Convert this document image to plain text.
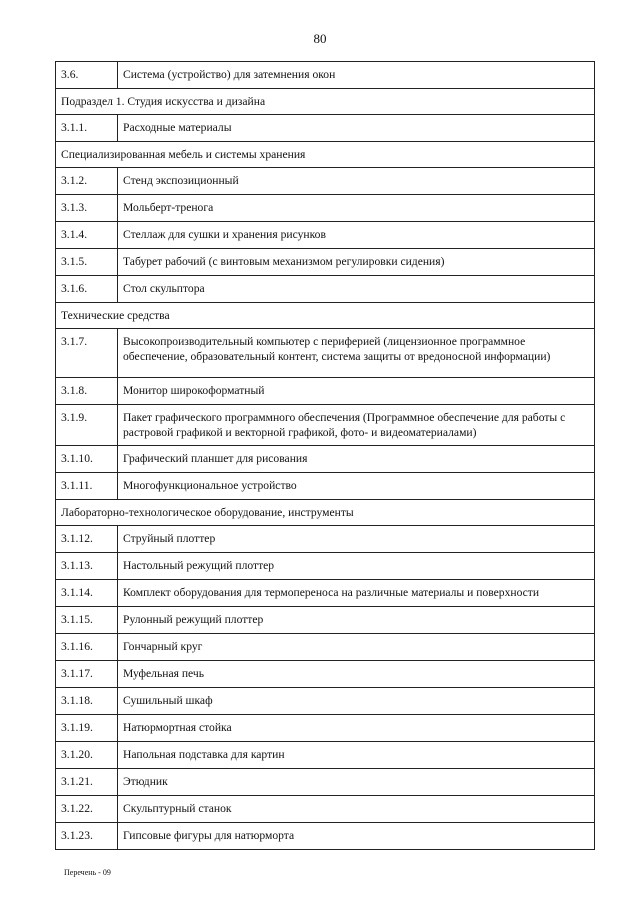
80
3.6.	Система (устройство) для затемнения окон
Подраздел 1. Студия искусства и дизайна	
3.1.1.	Расходные материалы
Специализированная мебель и системы хранения	
3.1.2.	Стенд экспозиционный
3.1.3.	Мольберт-тренога
3.1.4.	Стеллаж для сушки и хранения рисунков
3.1.5.	Табурет рабочий (с винтовым механизмом регулировки сидения)
3.1.6.	Стол скульптора
Технические средства	
3.1.7.	Высокопроизводительный компьютер с периферией (лицензионное программное обеспечение, образовательный контент, система защиты от вредоносной информации)
3.1.8.	Монитор широкоформатный
3.1.9.	Пакет графического программного обеспечения (Программное обеспечение для работы с растровой графикой и векторной графикой, фото- и видеоматериалами)
3.1.10.	Графический планшет для рисования
3.1.11.	Многофункциональное устройство
Лабораторно-технологическое оборудование, инструменты	
3.1.12.	Струйный плоттер
3.1.13.	Настольный режущий плоттер
3.1.14.	Комплект оборудования для термопереноса на различные материалы и поверхности
3.1.15.	Рулонный режущий плоттер
3.1.16.	Гончарный круг
3.1.17.	Муфельная печь
3.1.18.	Сушильный шкаф
3.1.19.	Натюрмортная стойка
3.1.20.	Напольная подставка для картин
3.1.21.	Этюдник
3.1.22.	Скульптурный станок
3.1.23.	Гипсовые фигуры для натюрморта
Перечень - 09
